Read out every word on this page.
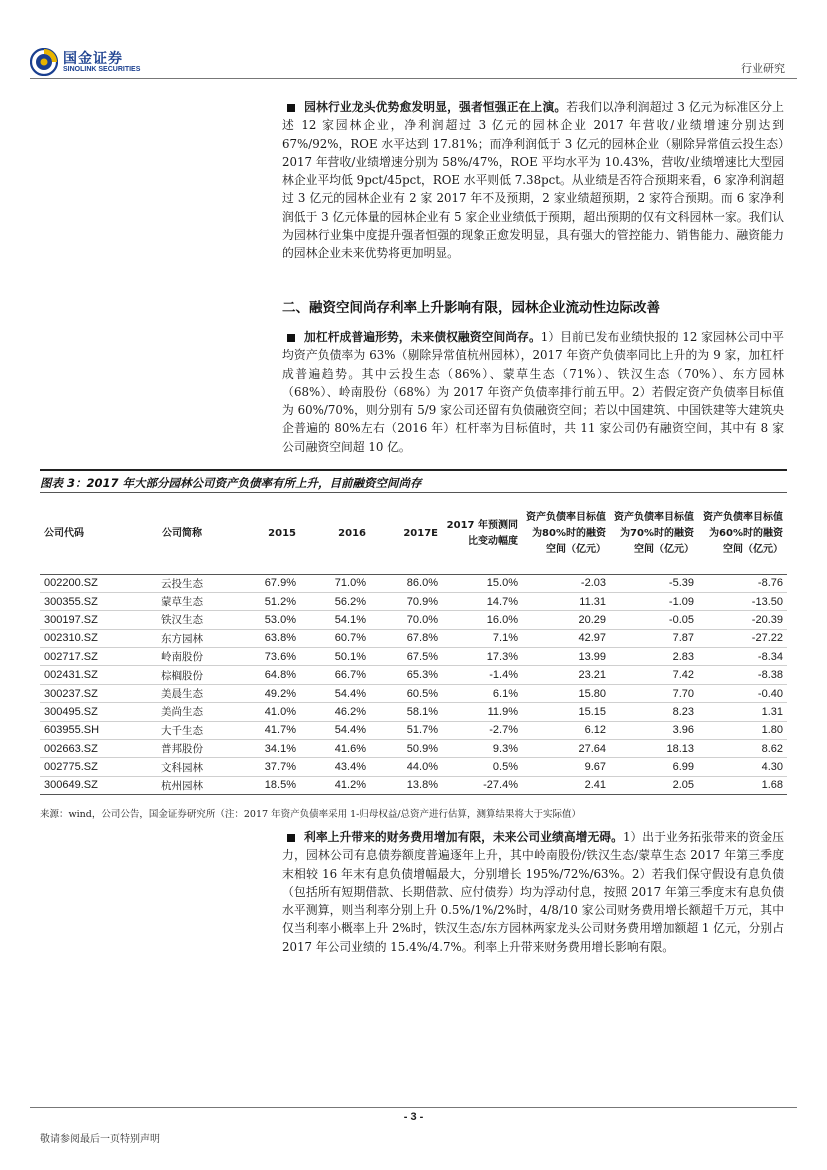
国金证券
SINOLINK SECURITIES	行业研究
园林行业龙头优势愈发明显，强者恒强正在上演。若我们以净利润超过 3 亿元为标准区分上述 12 家园林企业，净利润超过 3 亿元的园林企业 2017 年营收/业绩增速分别达到 67%/92%，ROE 水平达到 17.81%；而净利润低于 3 亿元的园林企业（剔除异常值云投生态）2017 年营收/业绩增速分别为 58%/47%，ROE 平均水平为 10.43%，营收/业绩增速比大型园林企业平均低 9pct/45pct，ROE 水平则低 7.38pct。从业绩是否符合预期来看，6 家净利润超过 3 亿元的园林企业有 2 家 2017 年不及预期，2 家业绩超预期，2 家符合预期。而 6 家净利润低于 3 亿元体量的园林企业有 5 家企业业绩低于预期，超出预期的仅有文科园林一家。我们认为园林行业集中度提升强者恒强的现象正愈发明显，具有强大的管控能力、销售能力、融资能力的园林企业未来优势将更加明显。
二、融资空间尚存利率上升影响有限，园林企业流动性边际改善
加杠杆成普遍形势，未来债权融资空间尚存。1）目前已发布业绩快报的 12 家园林公司中平均资产负债率为 63%（剔除异常值杭州园林），2017 年资产负债率同比上升的为 9 家，加杠杆成普遍趋势。其中云投生态（86%）、蒙草生态（71%）、铁汉生态（70%）、东方园林（68%）、岭南股份（68%）为 2017 年资产负债率排行前五甲。2）若假定资产负债率目标值为 60%/70%，则分别有 5/9 家公司还留有负债融资空间；若以中国建筑、中国铁建等大建筑央企普遍的 80%左右（2016 年）杠杆率为目标值时，共 11 家公司仍有融资空间，其中有 8 家公司融资空间超 10 亿。
图表 3：2017 年大部分园林公司资产负债率有所上升，目前融资空间尚存
公司代码	公司简称	2015	2016	2017E	2017 年预测同比变动幅度	资产负债率目标值为80%时的融资空间（亿元）	资产负债率目标值为70%时的融资空间（亿元）	资产负债率目标值为60%时的融资空间（亿元）
002200.SZ	云投生态	67.9%	71.0%	86.0%	15.0%	-2.03	-5.39	-8.76
300355.SZ	蒙草生态	51.2%	56.2%	70.9%	14.7%	11.31	-1.09	-13.50
300197.SZ	铁汉生态	53.0%	54.1%	70.0%	16.0%	20.29	-0.05	-20.39
002310.SZ	东方园林	63.8%	60.7%	67.8%	7.1%	42.97	7.87	-27.22
002717.SZ	岭南股份	73.6%	50.1%	67.5%	17.3%	13.99	2.83	-8.34
002431.SZ	棕榈股份	64.8%	66.7%	65.3%	-1.4%	23.21	7.42	-8.38
300237.SZ	美晨生态	49.2%	54.4%	60.5%	6.1%	15.80	7.70	-0.40
300495.SZ	美尚生态	41.0%	46.2%	58.1%	11.9%	15.15	8.23	1.31
603955.SH	大千生态	41.7%	54.4%	51.7%	-2.7%	6.12	3.96	1.80
002663.SZ	普邦股份	34.1%	41.6%	50.9%	9.3%	27.64	18.13	8.62
002775.SZ	文科园林	37.7%	43.4%	44.0%	0.5%	9.67	6.99	4.30
300649.SZ	杭州园林	18.5%	41.2%	13.8%	-27.4%	2.41	2.05	1.68
来源：wind，公司公告，国金证券研究所（注：2017 年资产负债率采用 1-归母权益/总资产进行估算，测算结果将大于实际值）
利率上升带来的财务费用增加有限，未来公司业绩高增无碍。1）出于业务拓张带来的资金压力，园林公司有息债券额度普遍逐年上升，其中岭南股份/铁汉生态/蒙草生态 2017 年第三季度末相较 16 年末有息负债增幅最大，分别增长 195%/72%/63%。2）若我们保守假设有息负债（包括所有短期借款、长期借款、应付债券）均为浮动付息，按照 2017 年第三季度末有息负债水平测算，则当利率分别上升 0.5%/1%/2%时，4/8/10 家公司财务费用增长额超千万元，其中仅当利率小概率上升 2%时，铁汉生态/东方园林两家龙头公司财务费用增加额超 1 亿元，分别占 2017 年公司业绩的 15.4%/4.7%。利率上升带来财务费用增长影响有限。
- 3 -
敬请参阅最后一页特别声明
